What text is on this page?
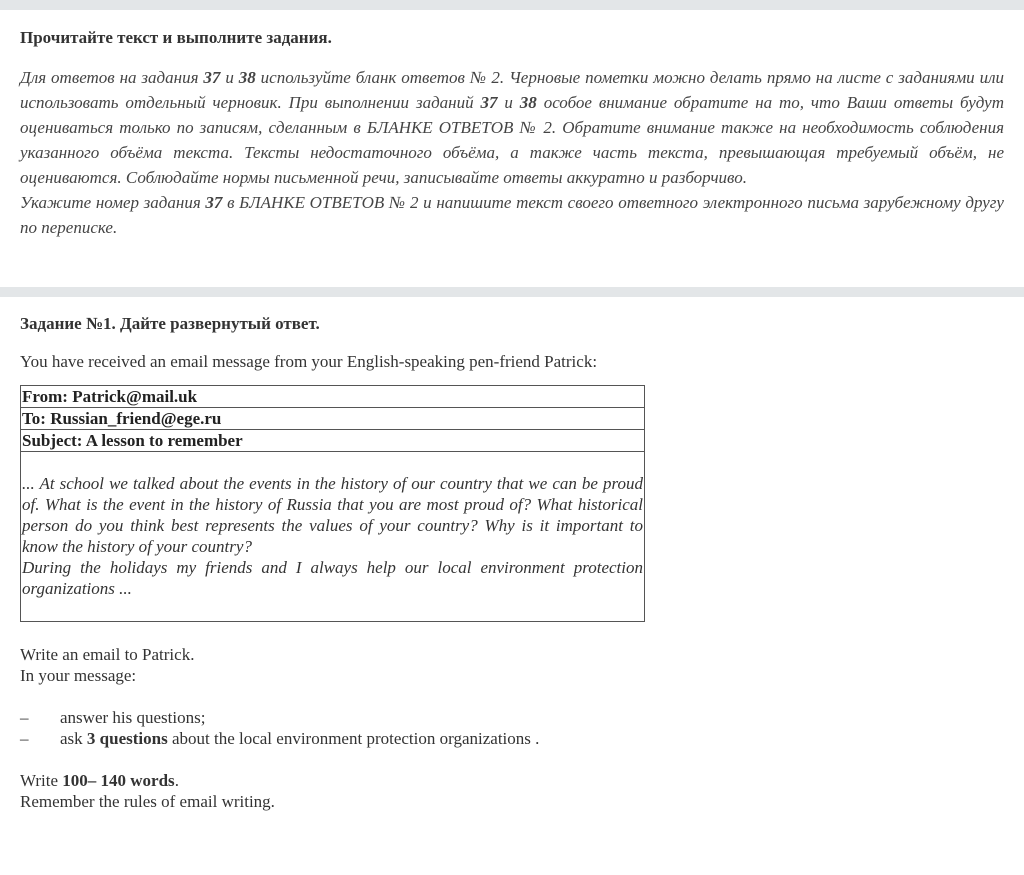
Прочитайте текст и выполните задания.

Для ответов на задания 37 и 38 используйте бланк ответов № 2. Черновые пометки можно делать прямо на листе с заданиями или использовать отдельный черновик. При выполнении заданий 37 и 38 особое внимание обратите на то, что Ваши ответы будут оцениваться только по записям, сделанным в БЛАНКЕ ОТВЕТОВ № 2. Обратите внимание также на необходимость соблюдения указанного объёма текста. Тексты недостаточного объёма, а также часть текста, превышающая требуемый объём, не оцениваются. Соблюдайте нормы письменной речи, записывайте ответы аккуратно и разборчиво.

Укажите номер задания 37 в БЛАНКЕ ОТВЕТОВ № 2 и напишите текст своего ответного электронного письма зарубежному другу по переписке.

Задание №1. Дайте развернутый ответ.
You have received an email message from your English-speaking pen-friend Patrick:
From: Patrick@mail.uk
To: Russian_friend@ege.ru
Subject: A lesson to remember

... At school we talked about the events in the history of our country that we can be proud of. What is the event in the history of Russia that you are most proud of? What historical person do you think best represents the values of your country? Why is it important to know the history of your country?

During the holidays my friends and I always help our local environment protection organizations ...

Write an email to Patrick.

In your message:

–	answer his questions;
–	ask 3 questions about the local environment protection organizations .

Write 100– 140 words.

Remember the rules of email writing.
